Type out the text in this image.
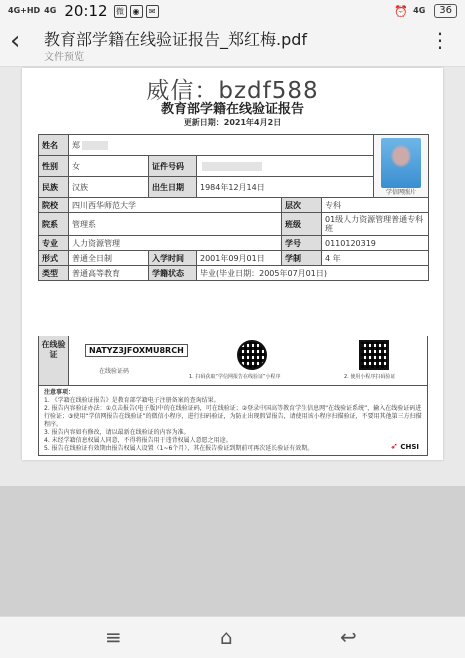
4G+HD 4G 20:12	微	◉	✉	⏰ 4G	36
‹ 教育部学籍在线验证报告_郑红梅.pdf
文件预览
⋮
威信：bzdf588
教育部学籍在线验证报告
更新日期：2021年4月2日
姓名	郑					学信网照片

性别	女	证件号码				
民族	汉族	出生日期	1984年12月14日			
院校	四川西华师范大学			层次	专科	
院系	管理系			班级	01级人力资源管理普通专科班	
专业	人力资源管理			学号	0110120319	
形式	普通全日制	入学时间	2001年09月01日	学制	4 年	
类型	普通高等教育	学籍状态	毕业(毕业日期：2005年07月01日)			
在线验证	NATYZ3JFOXMU8RCH
在线验证码
1. 扫码获取“学信网报告在线验证”小程序	2. 使用小程序扫码验证

注意事项：

1. 《学籍在线验证报告》是教育部学籍电子注册备案的查询结果。

2. 报告内容验证办法：①点击报告(电子版)中的在线验证码，可在线验证；②登录中国高等教育学生信息网“在线验证系统”，输入在线验证码进行验证；③使用“学信网报告在线验证”的微信小程序，进行扫码验证，为防止出现假冒报告，请使用该小程序扫描验证，不要用其他第三方扫描程序。

3. 报告内容如有修改，请以最新在线验证的内容为准。

4. 未经学籍信息权属人同意，不得将报告用于违背权属人意愿之用途。

5. 报告在线验证有效期由报告权属人设置（1~6个月），其在报告验证到期前可再次延长验证有效期。	➶ CHSI
≡	⌂	↩
